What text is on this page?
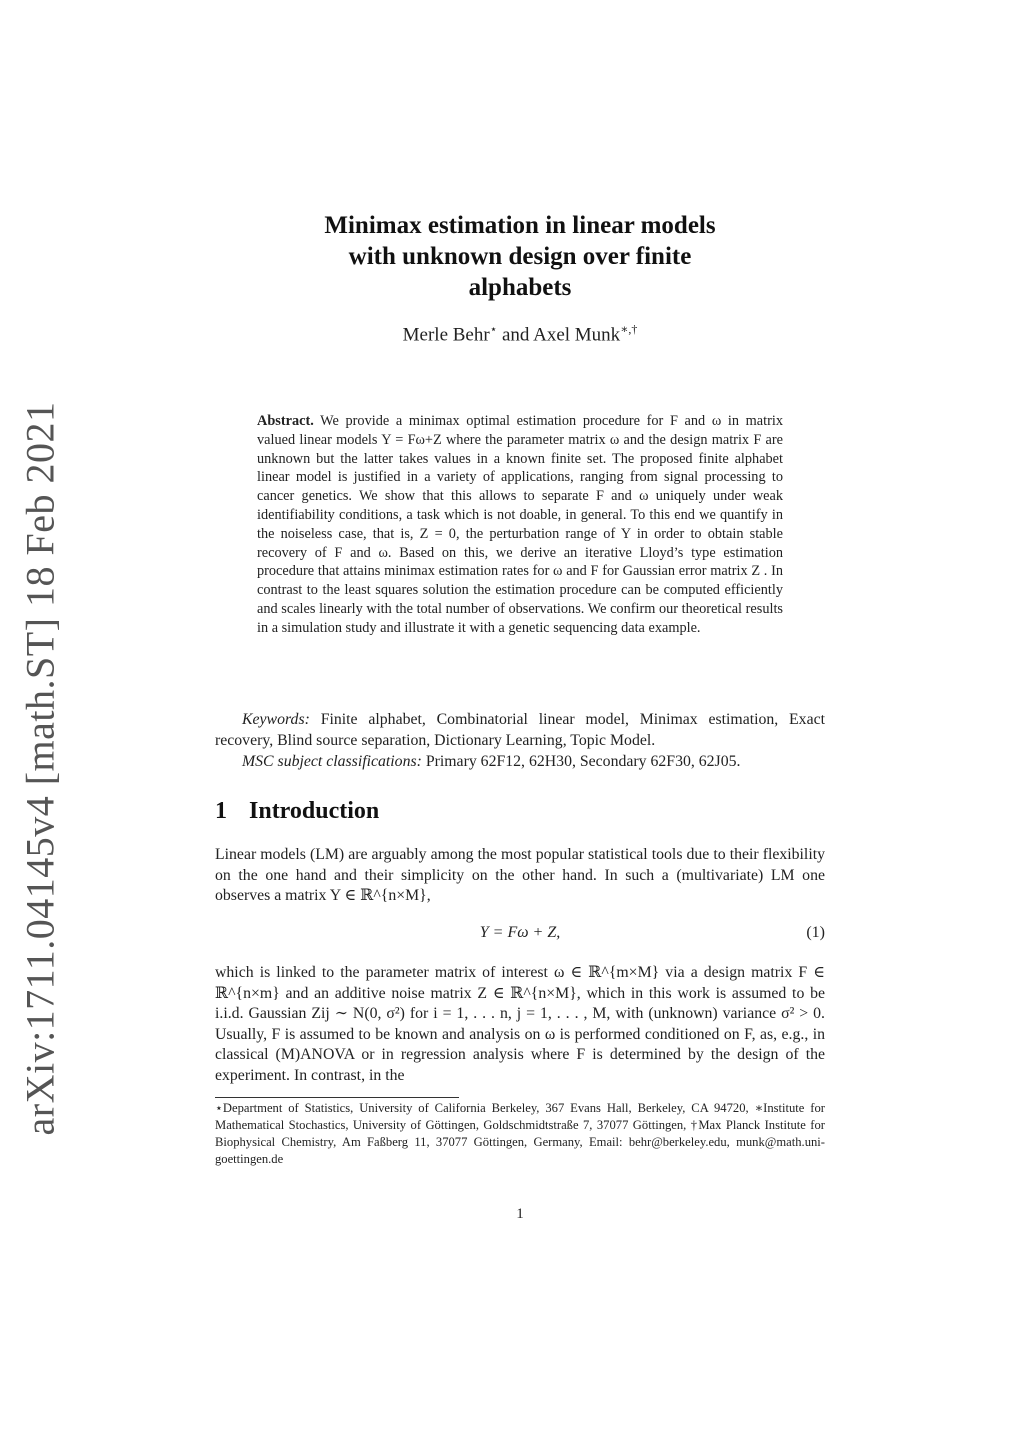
arXiv:1711.04145v4 [math.ST] 18 Feb 2021
Minimax estimation in linear models
with unknown design over finite
alphabets
Merle Behr⋆ and Axel Munk∗,†

Abstract. We provide a minimax optimal estimation procedure for F and ω in matrix valued linear models Y = Fω+Z where the parameter matrix ω and the design matrix F are unknown but the latter takes values in a known finite set. The proposed finite alphabet linear model is justified in a variety of applications, ranging from signal processing to cancer genetics. We show that this allows to separate F and ω uniquely under weak identifiability conditions, a task which is not doable, in general. To this end we quantify in the noiseless case, that is, Z = 0, the perturbation range of Y in order to obtain stable recovery of F and ω. Based on this, we derive an iterative Lloyd’s type estimation procedure that attains minimax estimation rates for ω and F for Gaussian error matrix Z . In contrast to the least squares solution the estimation procedure can be computed efficiently and scales linearly with the total number of observations. We confirm our theoretical results in a simulation study and illustrate it with a genetic sequencing data example.

Keywords: Finite alphabet, Combinatorial linear model, Minimax estimation, Exact recovery, Blind source separation, Dictionary Learning, Topic Model.

MSC subject classifications: Primary 62F12, 62H30, Secondary 62F30, 62J05.

1 Introduction

Linear models (LM) are arguably among the most popular statistical tools due to their flexibility on the one hand and their simplicity on the other hand. In such a (multivariate) LM one observes a matrix Y ∈ ℝ^{n×M},

Y = Fω + Z,	(1)

which is linked to the parameter matrix of interest ω ∈ ℝ^{m×M} via a design matrix F ∈ ℝ^{n×m} and an additive noise matrix Z ∈ ℝ^{n×M}, which in this work is assumed to be i.i.d. Gaussian Zij ∼ N(0, σ²) for i = 1, . . . n, j = 1, . . . , M, with (unknown) variance σ² > 0. Usually, F is assumed to be known and analysis on ω is performed conditioned on F, as, e.g., in classical (M)ANOVA or in regression analysis where F is determined by the design of the experiment. In contrast, in the

⋆Department of Statistics, University of California Berkeley, 367 Evans Hall, Berkeley, CA 94720, ∗Institute for Mathematical Stochastics, University of Göttingen, Goldschmidtstraße 7, 37077 Göttingen, †Max Planck Institute for Biophysical Chemistry, Am Faßberg 11, 37077 Göttingen, Germany, Email: behr@berkeley.edu, munk@math.uni-goettingen.de

1
